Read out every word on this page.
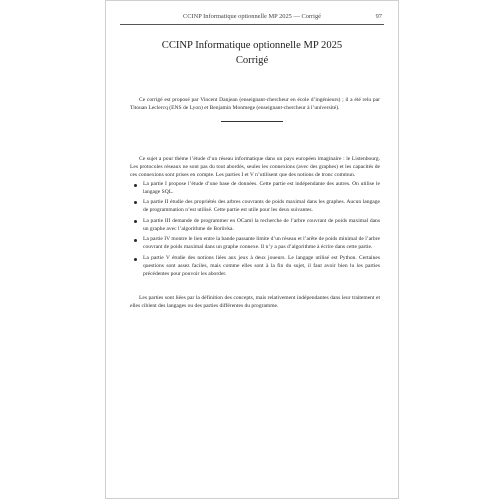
CCINP Informatique optionnelle MP 2025 — Corrigé	97
CCINP Informatique optionnelle MP 2025
Corrigé

Ce corrigé est proposé par Vincent Danjean (enseignant-chercheur en école d’ingénieurs) ; il a été relu par Titouan Leclercq (ENS de Lyon) et Benjamin Monmege (enseignant-chercheur à l’université).

Ce sujet a pour thème l’étude d’un réseau informatique dans un pays européen imaginaire : le Listenbourg. Les protocoles réseaux ne sont pas du tout abordés, seules les connexions (avec des graphes) et les capacités de ces connexions sont prises en compte. Les parties I et V n’utilisent que des notions de tronc commun.

La partie I propose l’étude d’une base de données. Cette partie est indépendante des autres. On utilise le langage SQL.
La partie II étudie des propriétés des arbres couvrants de poids maximal dans les graphes. Aucun langage de programmation n’est utilisé. Cette partie est utile pour les deux suivantes.
La partie III demande de programmer en OCaml la recherche de l’arbre couvrant de poids maximal dans un graphe avec l’algorithme de Borůvka.
La partie IV montre le lien entre la bande passante limite d’un réseau et l’arête de poids minimal de l’arbre couvrant de poids maximal dans un graphe connexe. Il n’y a pas d’algorithme à écrire dans cette partie.
La partie V étudie des notions liées aux jeux à deux joueurs. Le langage utilisé est Python. Certaines questions sont assez faciles, mais comme elles sont à la fin du sujet, il faut avoir bien lu les parties précédentes pour pouvoir les aborder.

Les parties sont liées par la définition des concepts, mais relativement indépendantes dans leur traitement et elles ciblent des langages ou des parties différentes du programme.
